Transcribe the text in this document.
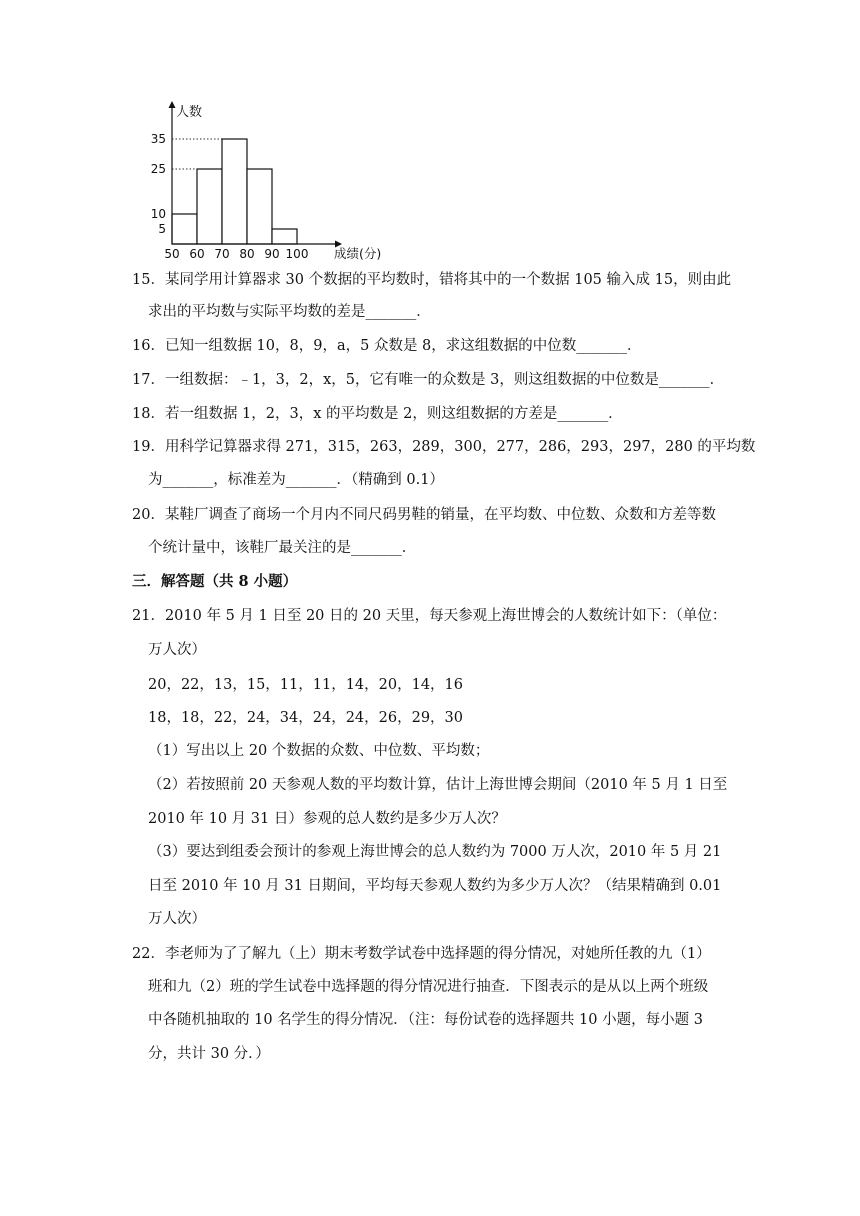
5
10
25
35
50 60 70 80 90 100
人数
成绩(分)
15．某同学用计算器求 30 个数据的平均数时，错将其中的一个数据 105 输入成 15，则由此
求出的平均数与实际平均数的差是_______．
16．已知一组数据 10，8，9，a，5 众数是 8，求这组数据的中位数_______．
17．一组数据：﹣1，3，2，x，5，它有唯一的众数是 3，则这组数据的中位数是_______．
18．若一组数据 1，2，3，x 的平均数是 2，则这组数据的方差是_______．
19．用科学记算器求得 271，315，263，289，300，277，286，293，297，280 的平均数
为_______，标准差为_______．（精确到 0.1）
20．某鞋厂调查了商场一个月内不同尺码男鞋的销量，在平均数、中位数、众数和方差等数
个统计量中，该鞋厂最关注的是_______．
三．解答题（共 8 小题）
21．2010 年 5 月 1 日至 20 日的 20 天里，每天参观上海世博会的人数统计如下：（单位：
万人次）
20，22，13，15，11，11，14，20，14，16
18，18，22，24，34，24，24，26，29，30
（1）写出以上 20 个数据的众数、中位数、平均数；
（2）若按照前 20 天参观人数的平均数计算，估计上海世博会期间（2010 年 5 月 1 日至
2010 年 10 月 31 日）参观的总人数约是多少万人次？
（3）要达到组委会预计的参观上海世博会的总人数约为 7000 万人次，2010 年 5 月 21
日至 2010 年 10 月 31 日期间，平均每天参观人数约为多少万人次？（结果精确到 0.01
万人次）
22．李老师为了了解九（上）期末考数学试卷中选择题的得分情况，对她所任教的九（1）
班和九（2）班的学生试卷中选择题的得分情况进行抽查．下图表示的是从以上两个班级
中各随机抽取的 10 名学生的得分情况．（注：每份试卷的选择题共 10 小题，每小题 3
分，共计 30 分．）
